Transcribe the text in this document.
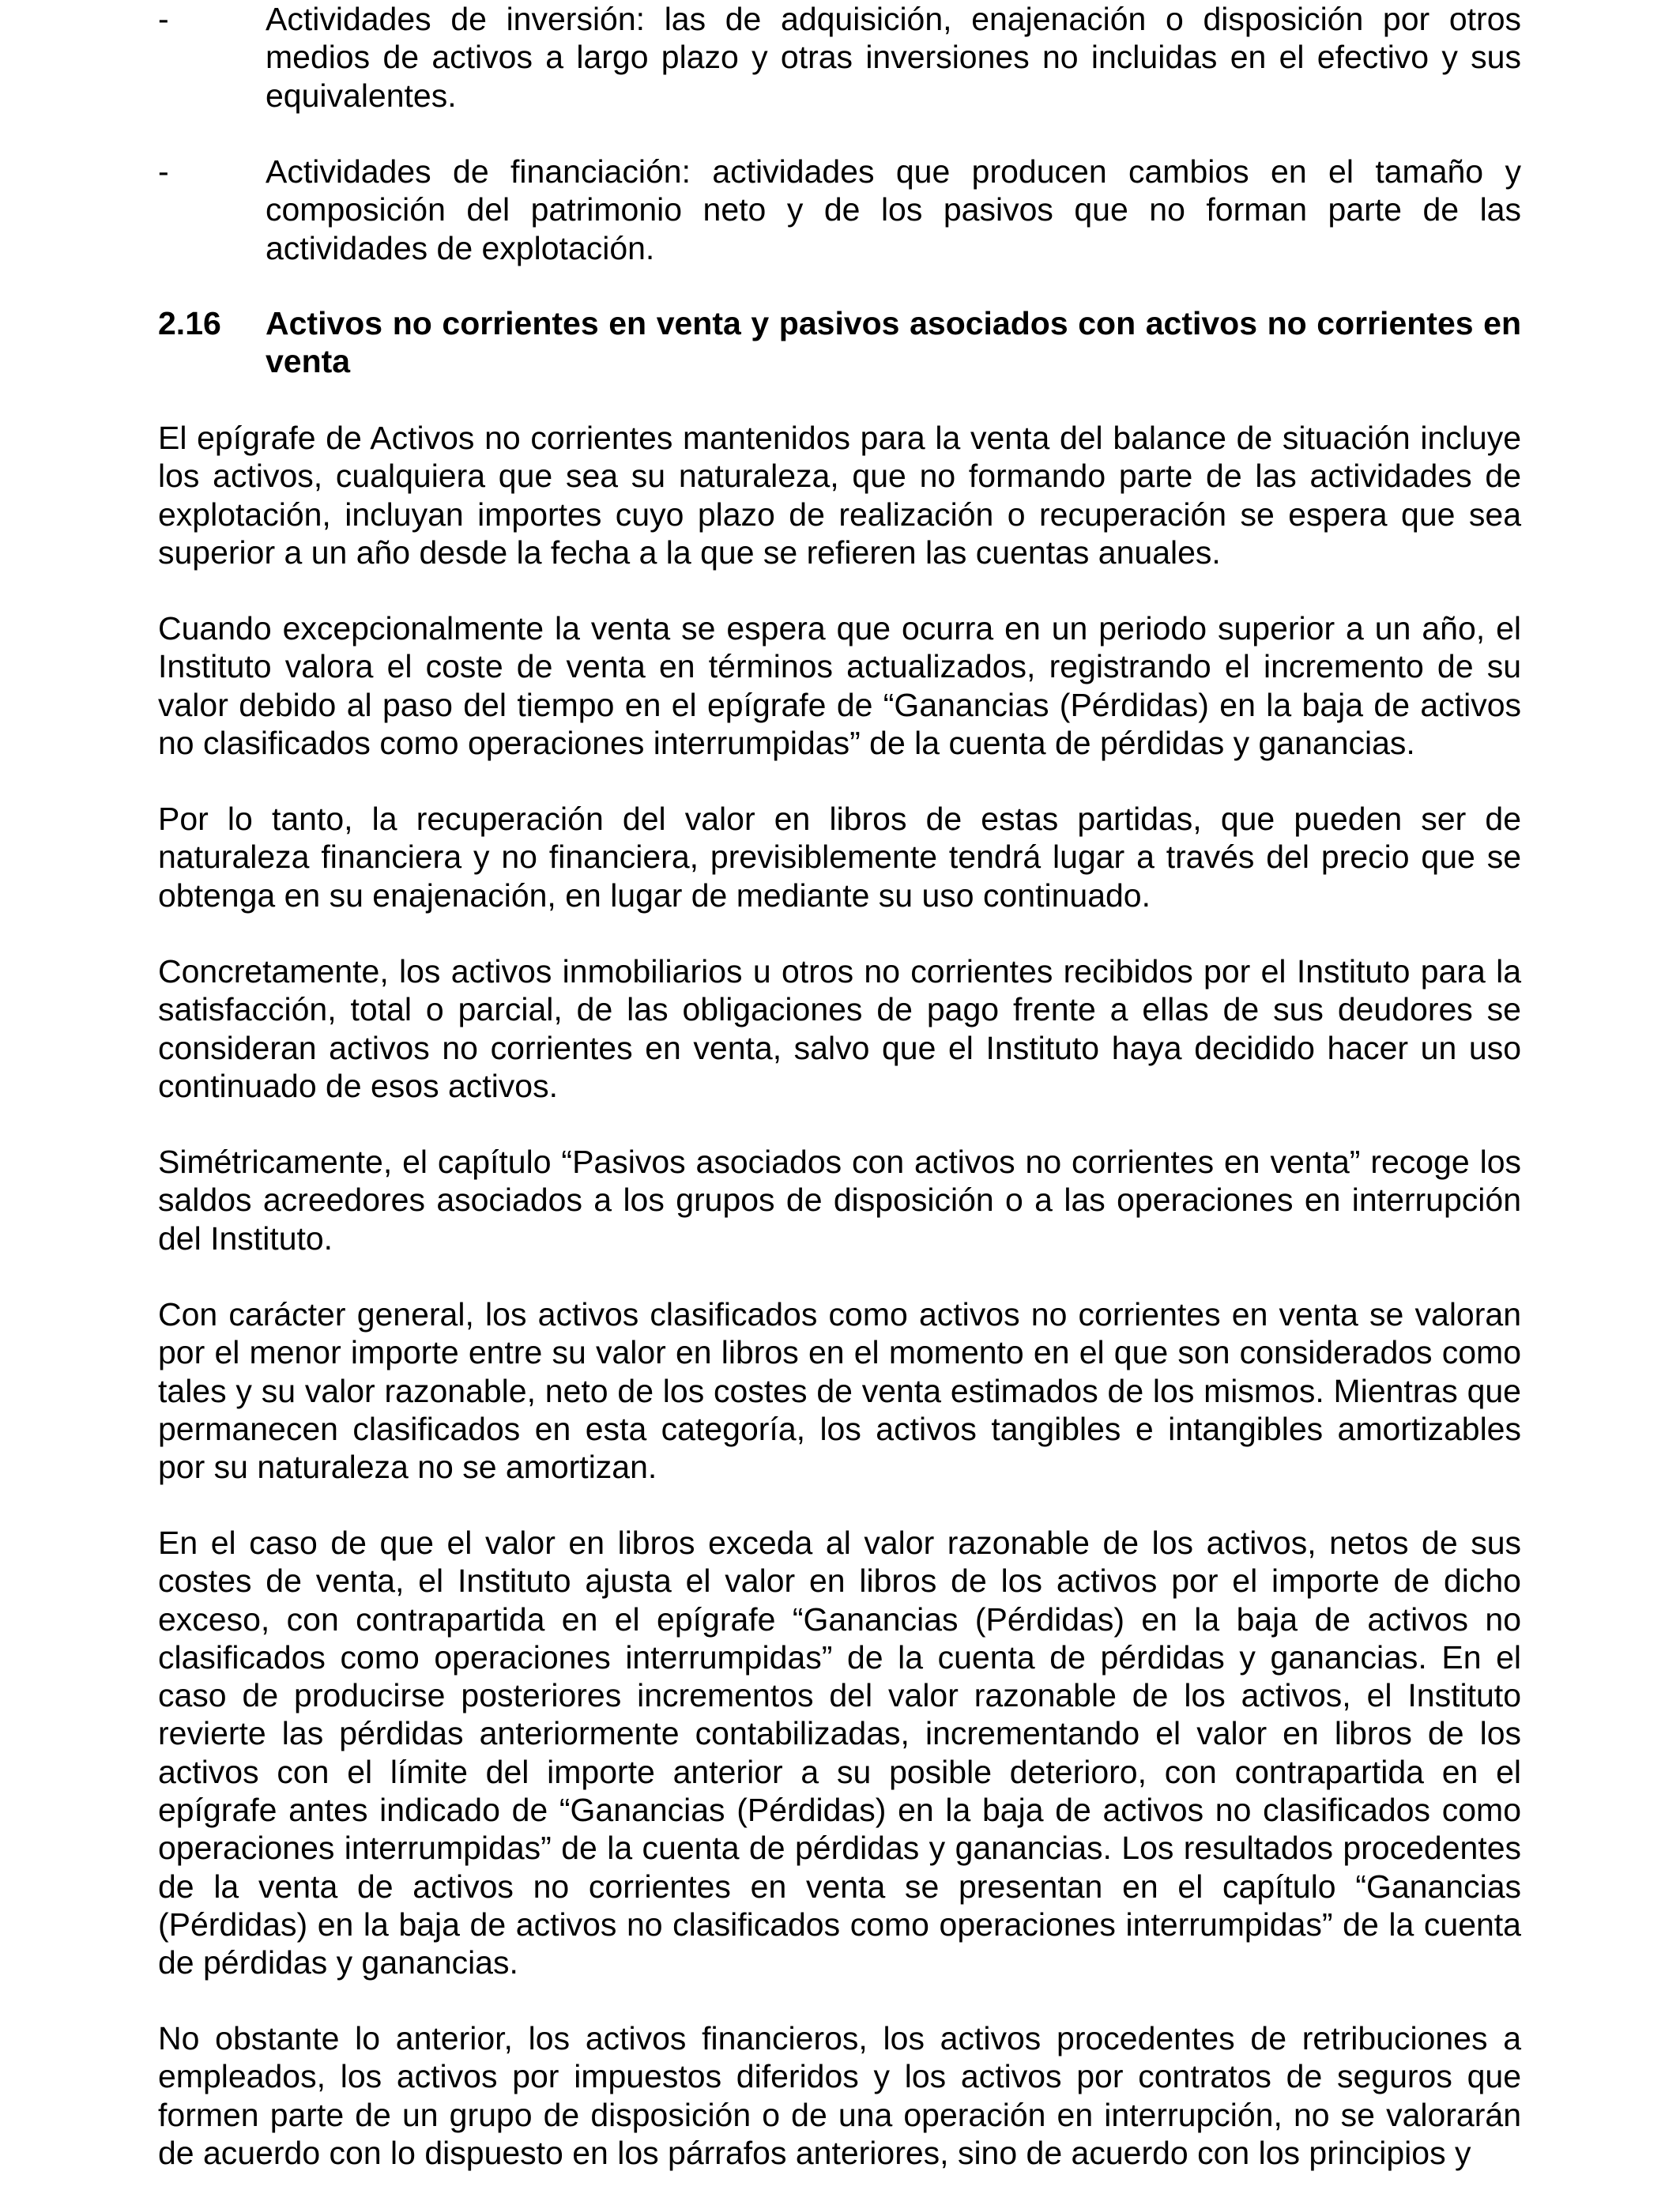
-	Actividades de inversión: las de adquisición, enajenación o disposición por otros medios de activos a largo plazo y otras inversiones no incluidas en el efectivo y sus equivalentes.
-	Actividades de financiación: actividades que producen cambios en el tamaño y composición del patrimonio neto y de los pasivos que no forman parte de las actividades de explotación.
2.16 Activos no corrientes en venta y pasivos asociados con activos no corrientes en venta

El epígrafe de Activos no corrientes mantenidos para la venta del balance de situación incluye los activos, cualquiera que sea su naturaleza, que no formando parte de las actividades de explotación, incluyan importes cuyo plazo de realización o recuperación se espera que sea superior a un año desde la fecha a la que se refieren las cuentas anuales.

Cuando excepcionalmente la venta se espera que ocurra en un periodo superior a un año, el Instituto valora el coste de venta en términos actualizados, registrando el incremento de su valor debido al paso del tiempo en el epígrafe de “Ganancias (Pérdidas) en la baja de activos no clasificados como operaciones interrumpidas” de la cuenta de pérdidas y ganancias.

Por lo tanto, la recuperación del valor en libros de estas partidas, que pueden ser de naturaleza financiera y no financiera, previsiblemente tendrá lugar a través del precio que se obtenga en su enajenación, en lugar de mediante su uso continuado.

Concretamente, los activos inmobiliarios u otros no corrientes recibidos por el Instituto para la satisfacción, total o parcial, de las obligaciones de pago frente a ellas de sus deudores se consideran activos no corrientes en venta, salvo que el Instituto haya decidido hacer un uso continuado de esos activos.

Simétricamente, el capítulo “Pasivos asociados con activos no corrientes en venta” recoge los saldos acreedores asociados a los grupos de disposición o a las operaciones en interrupción del Instituto.

Con carácter general, los activos clasificados como activos no corrientes en venta se valoran por el menor importe entre su valor en libros en el momento en el que son considerados como tales y su valor razonable, neto de los costes de venta estimados de los mismos. Mientras que permanecen clasificados en esta categoría, los activos tangibles e intangibles amortizables por su naturaleza no se amortizan.

En el caso de que el valor en libros exceda al valor razonable de los activos, netos de sus costes de venta, el Instituto ajusta el valor en libros de los activos por el importe de dicho exceso, con contrapartida en el epígrafe “Ganancias (Pérdidas) en la baja de activos no clasificados como operaciones interrumpidas” de la cuenta de pérdidas y ganancias. En el caso de producirse posteriores incrementos del valor razonable de los activos, el Instituto revierte las pérdidas anteriormente contabilizadas, incrementando el valor en libros de los activos con el límite del importe anterior a su posible deterioro, con contrapartida en el epígrafe antes indicado de “Ganancias (Pérdidas) en la baja de activos no clasificados como operaciones interrumpidas” de la cuenta de pérdidas y ganancias. Los resultados procedentes de la venta de activos no corrientes en venta se presentan en el capítulo “Ganancias (Pérdidas) en la baja de activos no clasificados como operaciones interrumpidas” de la cuenta de pérdidas y ganancias.

No obstante lo anterior, los activos financieros, los activos procedentes de retribuciones a empleados, los activos por impuestos diferidos y los activos por contratos de seguros que formen parte de un grupo de disposición o de una operación en interrupción, no se valorarán de acuerdo con lo dispuesto en los párrafos anteriores, sino de acuerdo con los principios y
